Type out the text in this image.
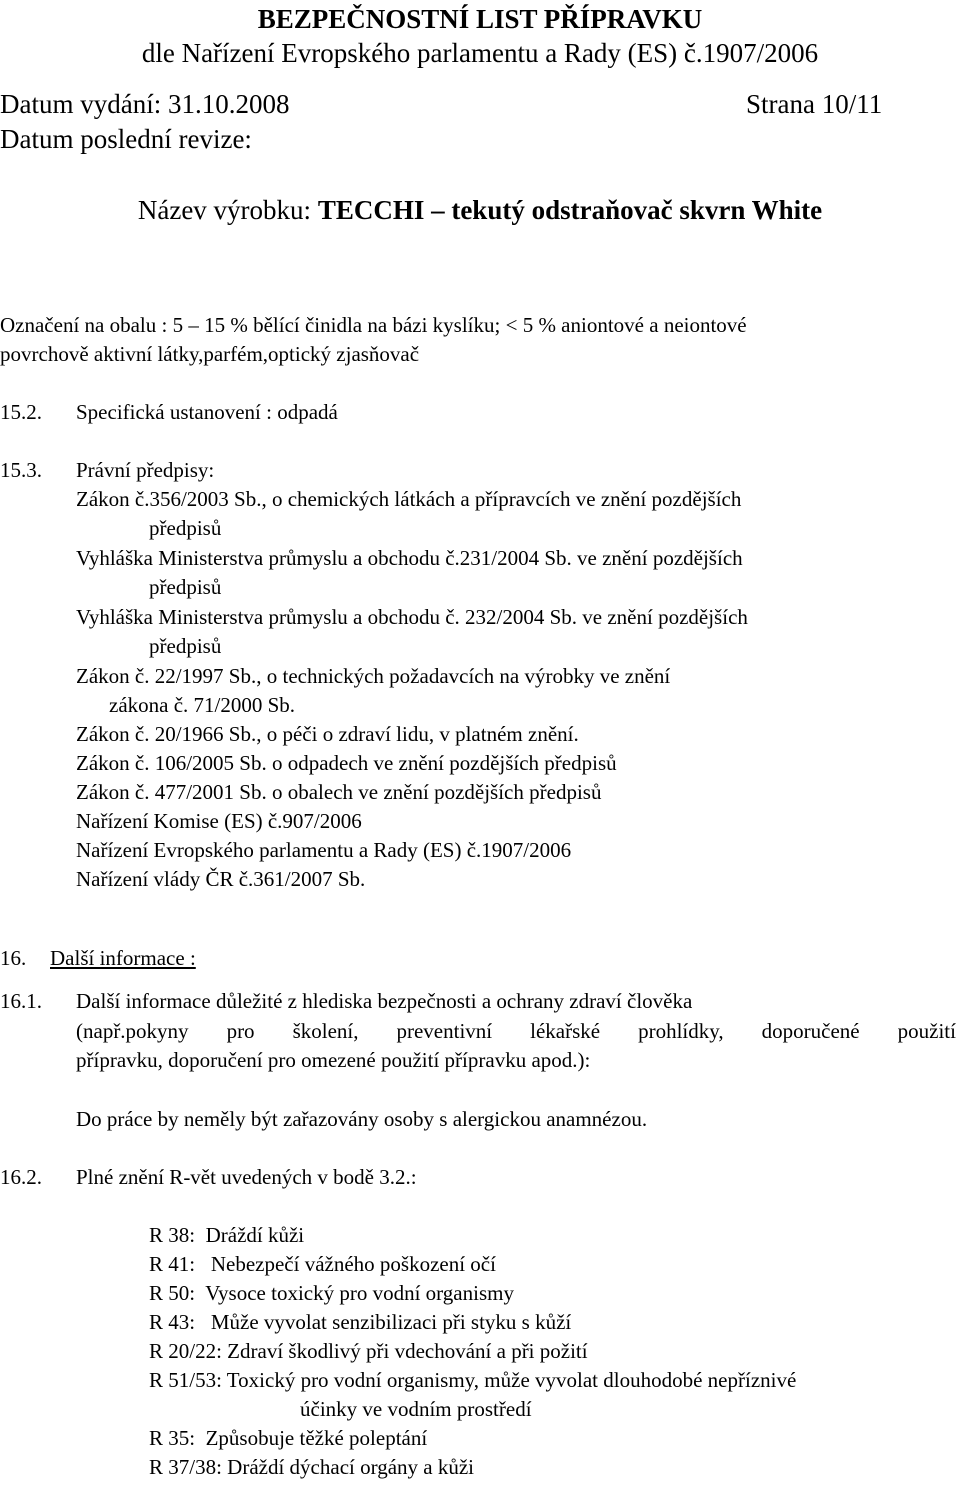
BEZPEČNOSTNÍ LIST PŘÍPRAVKU
dle Nařízení Evropského parlamentu a Rady (ES) č.1907/2006
Datum vydání: 31.10.2008	Strana 10/11
Datum poslední revize:
Název výrobku: TECCHI – tekutý odstraňovač skvrn White
Označení na obalu : 5 – 15 % bělící činidla na bázi kyslíku; < 5 % aniontové a neiontové
povrchově aktivní látky,parfém,optický zjasňovač
15.2. Specifická ustanovení : odpadá
15.3. Právní předpisy:
Zákon č.356/2003 Sb., o chemických látkách a přípravcích ve znění pozdějších
předpisů
Vyhláška Ministerstva průmyslu a obchodu č.231/2004 Sb. ve znění pozdějších
předpisů
Vyhláška Ministerstva průmyslu a obchodu č. 232/2004 Sb. ve znění pozdějších
předpisů
Zákon č. 22/1997 Sb., o technických požadavcích na výrobky ve znění
zákona č. 71/2000 Sb.
Zákon č. 20/1966 Sb., o péči o zdraví lidu, v platném znění.
Zákon č. 106/2005 Sb. o odpadech ve znění pozdějších předpisů
Zákon č. 477/2001 Sb. o obalech ve znění pozdějších předpisů
Nařízení Komise (ES) č.907/2006
Nařízení Evropského parlamentu a Rady (ES) č.1907/2006
Nařízení vlády ČR č.361/2007 Sb.
16. Další informace :
16.1. Další informace důležité z hlediska bezpečnosti a ochrany zdraví člověka
(např.pokyny pro školení, preventivní lékařské prohlídky, doporučené použití
přípravku, doporučení pro omezené použití přípravku apod.):
Do práce by neměly být zařazovány osoby s alergickou anamnézou.
16.2. Plné znění R-vět uvedených v bodě 3.2.:
R 38:  Dráždí kůži
R 41:   Nebezpečí vážného poškození očí
R 50:  Vysoce toxický pro vodní organismy
R 43:   Může vyvolat senzibilizaci při styku s kůží
R 20/22: Zdraví škodlivý při vdechování a při požití
R 51/53: Toxický pro vodní organismy, může vyvolat dlouhodobé nepříznivé
účinky ve vodním prostředí
R 35:  Způsobuje těžké poleptání
R 37/38: Dráždí dýchací orgány a kůži
